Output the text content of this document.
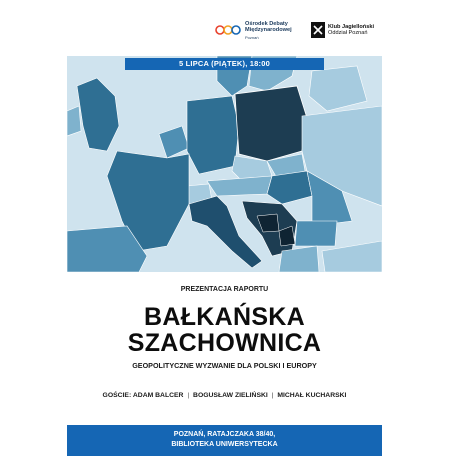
Ośrodek Debaty
Międzynarodowej
Poznań
Klub Jagielloński
Oddział Poznań
5 LIPCA (PIĄTEK), 18:00
PREZENTACJA RAPORTU
BAŁKAŃSKA
SZACHOWNICA
GEOPOLITYCZNE WYZWANIE DLA POLSKI I EUROPY
GOŚCIE: ADAM BALCER | BOGUSŁAW ZIELIŃSKI | MICHAŁ KUCHARSKI
POZNAŃ, RATAJCZAKA 38/40,
BIBLIOTEKA UNIWERSYTECKA
